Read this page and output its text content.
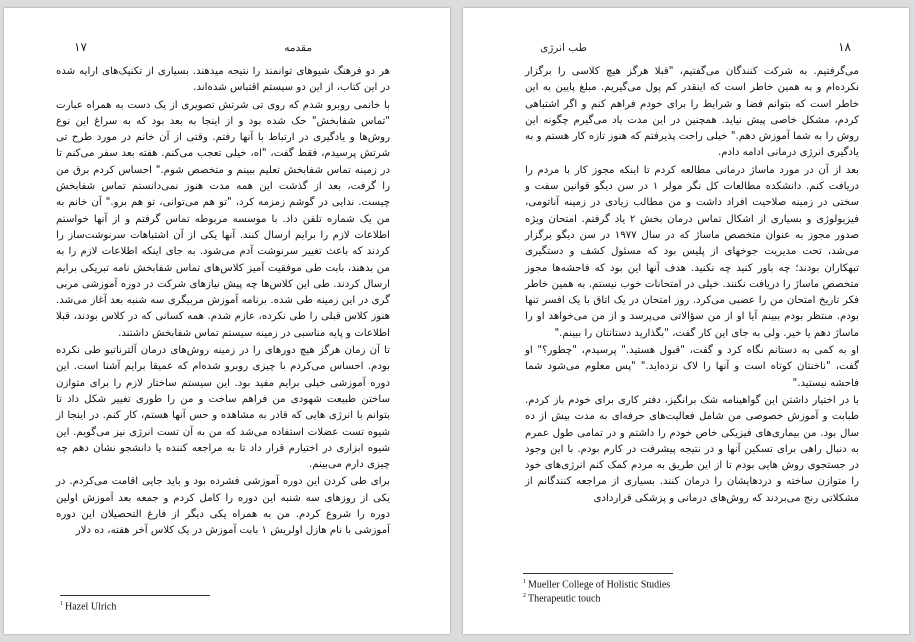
۱۷	مقدمه

هر دو فرهنگ شیوهای توانمند را نتیجه میدهند. بسیاری از تکنیک‌های ارایه شده در این کتاب، از این دو سیستم اقتباس شده‌اند.

با خانمی روبرو شدم که روی تی شرتش تصویری از یک دست به همراه عبارت "تماس شفابخش" حک شده بود و از اینجا به بعد بود که به سراغ این نوع روش‌ها و یادگیری در ارتباط با آنها رفتم. وقتی از آن خانم در مورد طرح تی شرتش پرسیدم، فقط گفت، "اه، خیلی تعجب می‌کنم. هفته بعد سفر می‌کنم تا در زمینه تماس شفابخش تعلیم ببینم و متخصص شوم." احساس کردم برق من را گرفت، بعد از گذشت این همه مدت هنوز نمی‌دانستم تماس شفابخش چیست. ندایی در گوشم زمزمه کرد، "تو هم می‌توانی، تو هم برو." آن خانم به من یک شماره تلفن داد. با موسسه مربوطه تماس گرفتم و از آنها خواستم اطلاعات لازم را برایم ارسال کنند. آنها یکی از آن اشتباهات سرنوشت‌ساز را کردند که باعث تغییر سرنوشت آدم می‌شود. به جای اینکه اطلاعات لازم را به من بدهند، بابت طی موفقیت آمیز کلاس‌های تماس شفابخش نامه تبریکی برایم ارسال کردند. طی این کلاس‌ها چه پیش نیازهای شرکت در دوره آموزشی مربی گری در این زمینه طی شده. برنامه آموزش مربیگری سه شنبه بعد آغاز می‌شد. هنوز کلاس قبلی را طی نکرده، عازم شدم. همه کسانی که در کلاس بودند، قبلا اطلاعات و پایه مناسبی در زمینه سیستم تماس شفابخش داشتند.

تا آن زمان هرگز هیچ دورهای را در زمینه روش‌های درمان آلترناتیو طی نکرده بودم. احساس می‌کردم با چیزی روبرو شده‌ام که عمیقا برایم آشنا است. این دوره آموزشی خیلی برایم مفید بود. این سیستم ساختار لازم را برای متوازن ساختن طبیعت شهودی من فراهم ساخت و من را طوری تغییر شکل داد تا بتوانم با انرژی هایی که قادر به مشاهده و حس آنها هستم، کار کنم. در اینجا از شیوه تست عضلات استفاده می‌شد که من به آن تست انرژی نیز می‌گویم. این شیوه ابزاری در اختیارم قرار داد تا به مراجعه کننده یا دانشجو نشان دهم چه چیزی دارم می‌بینم.

برای طی کردن این دوره آموزشی فشرده بود و باید جایی اقامت می‌کردم. در یکی از روزهای سه شنبه این دوره را کامل کردم و جمعه بعد آموزش اولین دوره را شروع کردم. من به همراه یکی دیگر از فارغ التحصیلان این دوره آموزشی با نام هازل اولریش ۱ بابت آموزش در یک کلاس آخر هفته، ده دلار

$^1$ Hazel Ulrich
طب انرژی	۱۸

می‌گرفتیم. به شرکت کنندگان می‌گفتیم، "قبلا هرگز هیچ کلاسی را برگزار نکرده‌ام و به همین خاطر است که اینقدر کم پول می‌گیریم. مبلغ پایین به این خاطر است که بتوانم فضا و شرایط را برای خودم فراهم کنم و اگر اشتباهی کردم، مشکل خاصی پیش نیاید. همچنین در این مدت یاد می‌گیرم چگونه این روش را به شما آموزش دهم." خیلی راحت پذیرفتم که هنوز تازه کار هستم و به یادگیری انرژی درمانی ادامه دادم.

بعد از آن در مورد ماساژ درمانی مطالعه کردم تا اینکه مجوز کار با مردم را دریافت کنم. دانشکده مطالعات کل نگر مولر ۱ در سن دیگو قوانین سفت و سختی در زمینه صلاحیت افراد داشت و من مطالب زیادی در زمینه آناتومی، فیزیولوژی و بسیاری از اشکال تماس درمان بخش ۲ یاد گرفتم. امتحان ویژه صدور مجوز به عنوان متخصص ماساژ که در سال ۱۹۷۷ در سن دیگو برگزار می‌شد، تحت مدیریت جوخهای از پلیس بود که مسئول کشف و دستگیری تبهکاران بودند؛ چه باور کنید چه نکنید. هدف آنها این بود که فاحشه‌ها مجوز متخصص ماساژ را دریافت نکنند. خیلی در امتحانات خوب نیستم. به همین خاطر فکر تاریخ امتحان من را عصبی می‌کرد. روز امتحان در یک اتاق با یک افسر تنها بودم. منتظر بودم ببینم آیا او از من سؤالاتی می‌پرسد و از من می‌خواهد او را ماساژ دهم یا خیر. ولی به جای این کار گفت، "بگذارید دستانتان را ببینم."

او به کمی به دستانم نگاه کرد و گفت، "قبول هستید." پرسیدم، "چطور؟" او گفت، "ناخنتان کوتاه است و آنها را لاک نزده‌اید." "پس معلوم می‌شود شما فاحشه نیستید."

با در اختیار داشتن این گواهینامه شک برانگیز، دفتر کاری برای خودم باز کردم. طبابت و آموزش خصوصی من شامل فعالیت‌های حرفه‌ای به مدت بیش از ده سال بود. من بیماری‌های فیزیکی خاص خودم را داشتم و در تمامی طول عمرم به دنبال راهی برای تسکین آنها و در نتیجه پیشرفت در کارم بودم. با این وجود در جستجوی روش هایی بودم تا از این طریق به مردم کمک کنم انرژی‌های خود را متوازن ساخته و دردهایشان را درمان کنند. بسیاری از مراجعه کنندگانم از مشکلاتی رنج می‌بردند که روش‌های درمانی و پزشکی قراردادی

$^1$ Mueller College of Holistic Studies
$^2$ Therapeutic touch
